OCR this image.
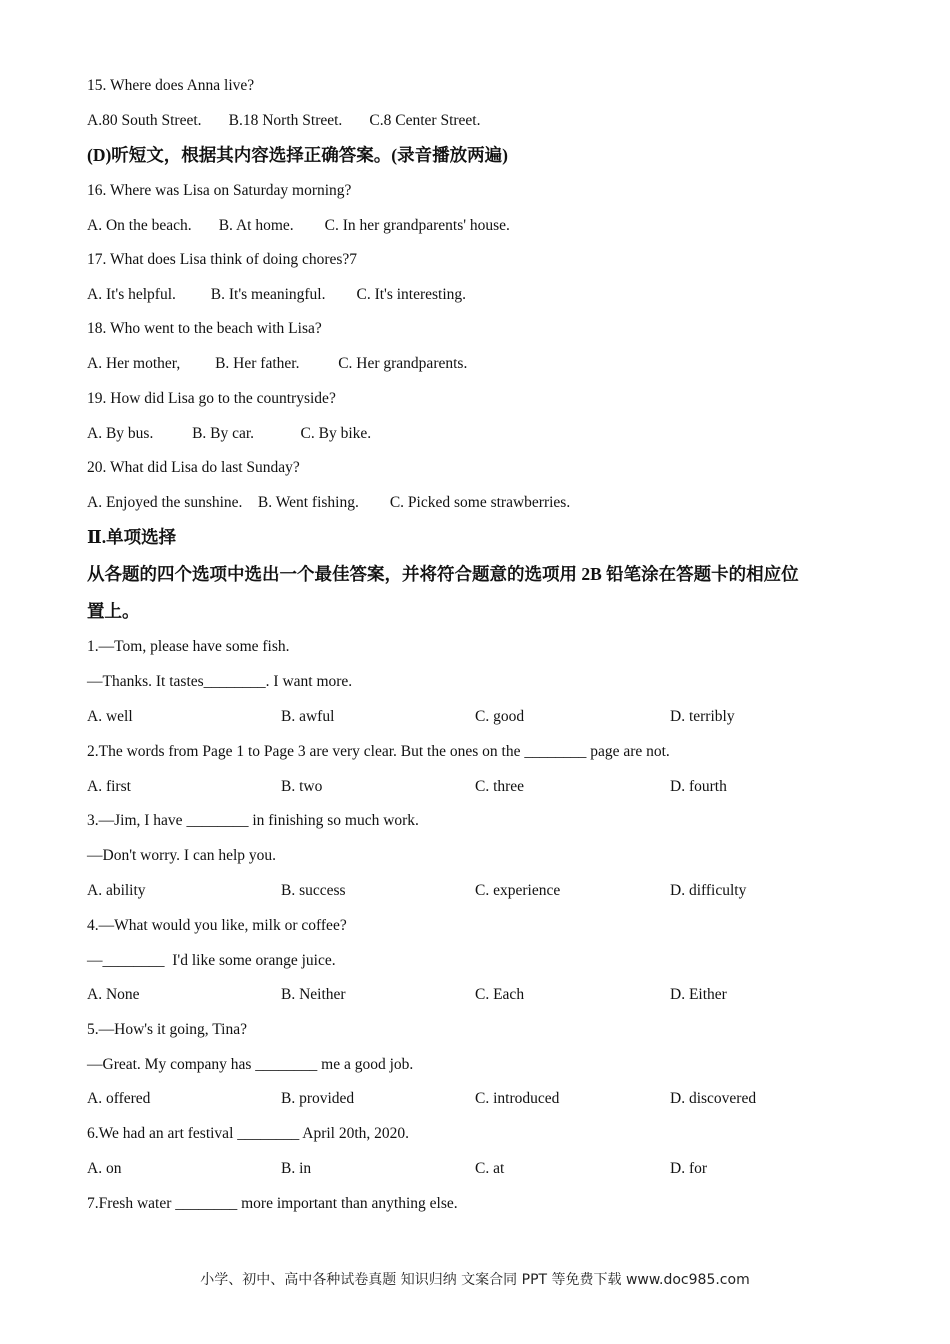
15. Where does Anna live?
A.80 South Street.       B.18 North Street.       C.8 Center Street.
(D)听短文，根据其内容选择正确答案。(录音播放两遍)
16. Where was Lisa on Saturday morning?
A. On the beach.       B. At home.        C. In her grandparents' house.
17. What does Lisa think of doing chores?7
A. It's helpful.         B. It's meaningful.        C. It's interesting.
18. Who went to the beach with Lisa?
A. Her mother,         B. Her father.          C. Her grandparents.
19. How did Lisa go to the countryside?
A. By bus.          B. By car.            C. By bike.
20. What did Lisa do last Sunday?
A. Enjoyed the sunshine.    B. Went fishing.        C. Picked some strawberries.
Ⅱ.单项选择
从各题的四个选项中选出一个最佳答案，并将符合题意的选项用 2B 铅笔涂在答题卡的相应位
置上。
1.—Tom, please have some fish.
—Thanks. It tastes________. I want more.
A. well	B. awful	C. good	D. terribly
2.The words from Page 1 to Page 3 are very clear. But the ones on the ________ page are not.
A. first	B. two	C. three	D. fourth
3.—Jim, I have ________ in finishing so much work.
—Don't worry. I can help you.
A. ability	B. success	C. experience	D. difficulty
4.—What would you like, milk or coffee?
—________  I'd like some orange juice.
A. None	B. Neither	C. Each	D. Either
5.—How's it going, Tina?
—Great. My company has ________ me a good job.
A. offered	B. provided	C. introduced	D. discovered
6.We had an art festival ________ April 20th, 2020.
A. on	B. in	C. at	D. for
7.Fresh water ________ more important than anything else.
小学、初中、高中各种试卷真题 知识归纳 文案合同 PPT 等免费下载 www.doc985.com
